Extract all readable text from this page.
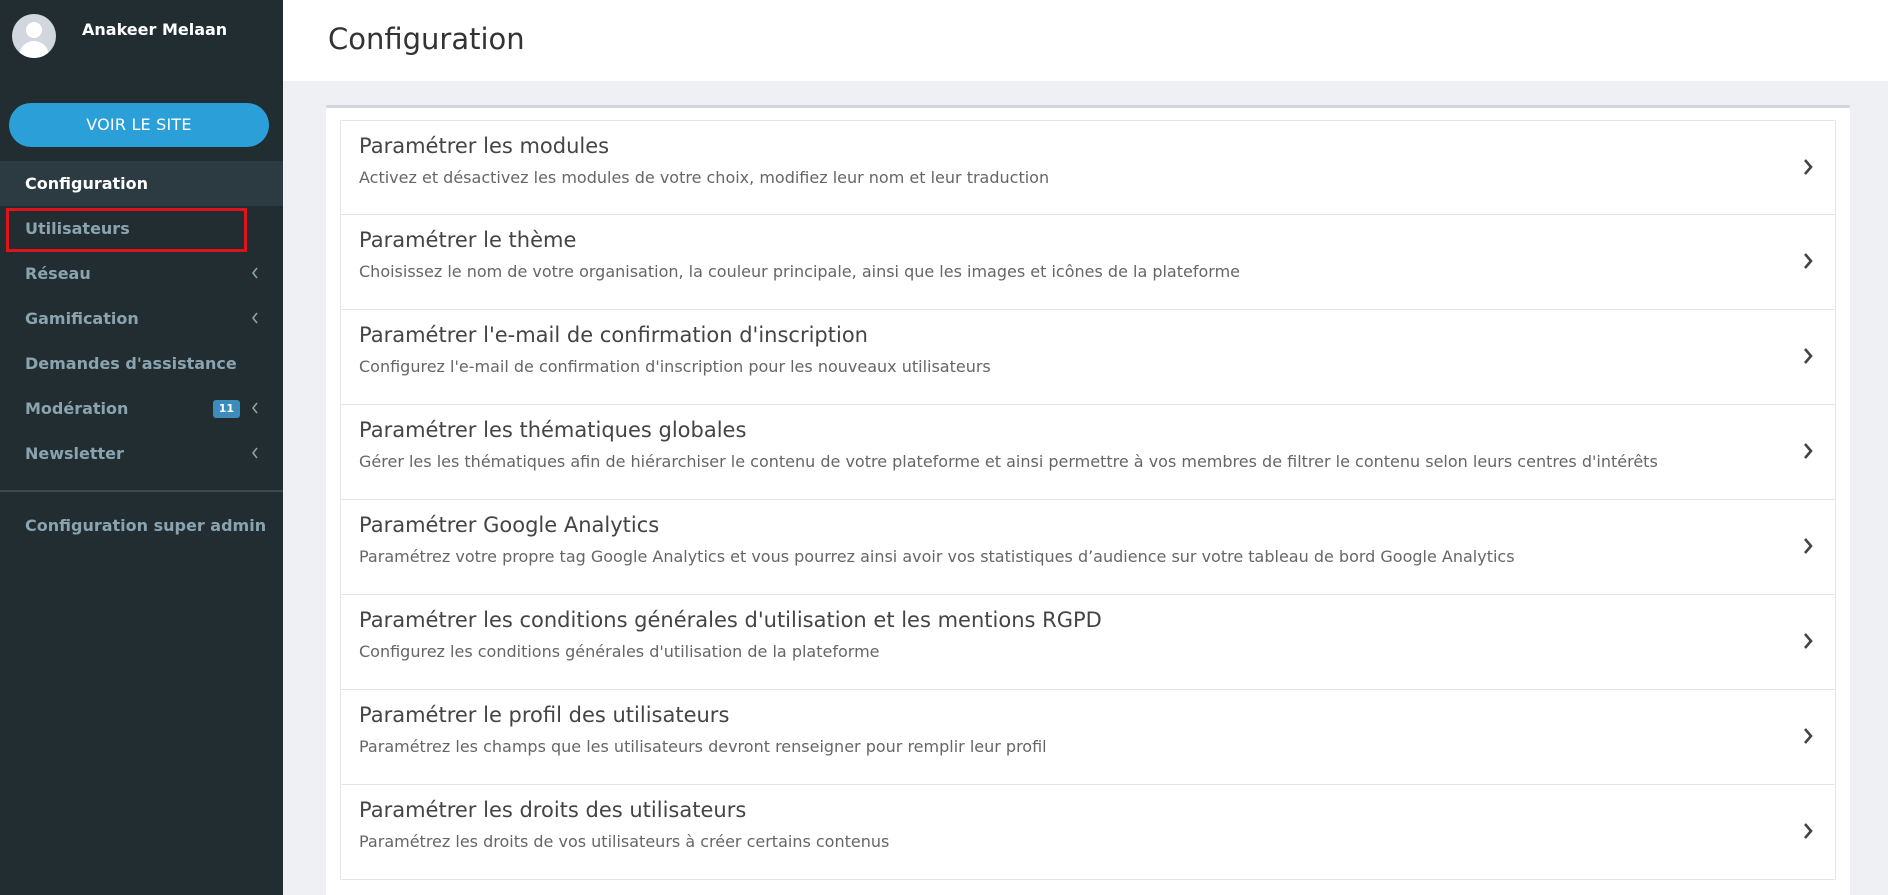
Anakeer Melaan
VOIR LE SITE
Configuration
Utilisateurs
Réseau
Gamification
Demandes d'assistance
Modération	11
Newsletter
Configuration super admin
Configuration
Paramétrer les modules
Activez et désactivez les modules de votre choix, modifiez leur nom et leur traduction
Paramétrer le thème
Choisissez le nom de votre organisation, la couleur principale, ainsi que les images et icônes de la plateforme
Paramétrer l'e-mail de confirmation d'inscription
Configurez l'e-mail de confirmation d'inscription pour les nouveaux utilisateurs
Paramétrer les thématiques globales
Gérer les les thématiques afin de hiérarchiser le contenu de votre plateforme et ainsi permettre à vos membres de filtrer le contenu selon leurs centres d'intérêts
Paramétrer Google Analytics
Paramétrez votre propre tag Google Analytics et vous pourrez ainsi avoir vos statistiques d’audience sur votre tableau de bord Google Analytics
Paramétrer les conditions générales d'utilisation et les mentions RGPD
Configurez les conditions générales d'utilisation de la plateforme
Paramétrer le profil des utilisateurs
Paramétrez les champs que les utilisateurs devront renseigner pour remplir leur profil
Paramétrer les droits des utilisateurs
Paramétrez les droits de vos utilisateurs à créer certains contenus
